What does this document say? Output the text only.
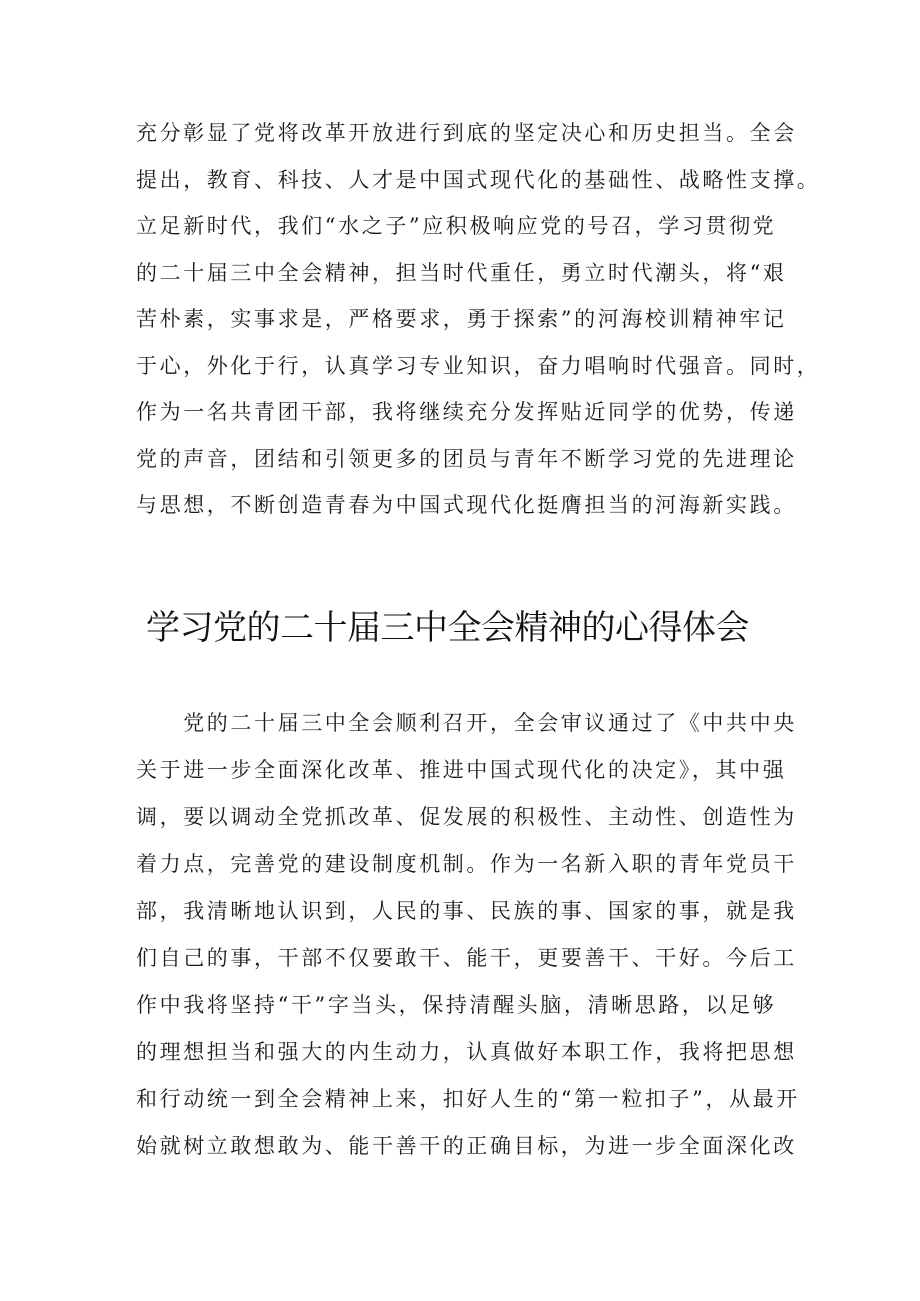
充分彰显了党将改革开放进行到底的坚定决心和历史担当。全会
提出，教育、科技、人才是中国式现代化的基础性、战略性支撑。
立足新时代，我们“水之子”应积极响应党的号召，学习贯彻党
的二十届三中全会精神，担当时代重任，勇立时代潮头，将“艰
苦朴素，实事求是，严格要求，勇于探索”的河海校训精神牢记
于心，外化于行，认真学习专业知识，奋力唱响时代强音。同时，
作为一名共青团干部，我将继续充分发挥贴近同学的优势，传递
党的声音，团结和引领更多的团员与青年不断学习党的先进理论
与思想，不断创造青春为中国式现代化挺膺担当的河海新实践。
学习党的二十届三中全会精神的心得体会
　　党的二十届三中全会顺利召开，全会审议通过了《中共中央
关于进一步全面深化改革、推进中国式现代化的决定》，其中强
调，要以调动全党抓改革、促发展的积极性、主动性、创造性为
着力点，完善党的建设制度机制。作为一名新入职的青年党员干
部，我清晰地认识到，人民的事、民族的事、国家的事，就是我
们自己的事，干部不仅要敢干、能干，更要善干、干好。今后工
作中我将坚持“干”字当头，保持清醒头脑，清晰思路，以足够
的理想担当和强大的内生动力，认真做好本职工作，我将把思想
和行动统一到全会精神上来，扣好人生的“第一粒扣子”，从最开
始就树立敢想敢为、能干善干的正确目标，为进一步全面深化改
